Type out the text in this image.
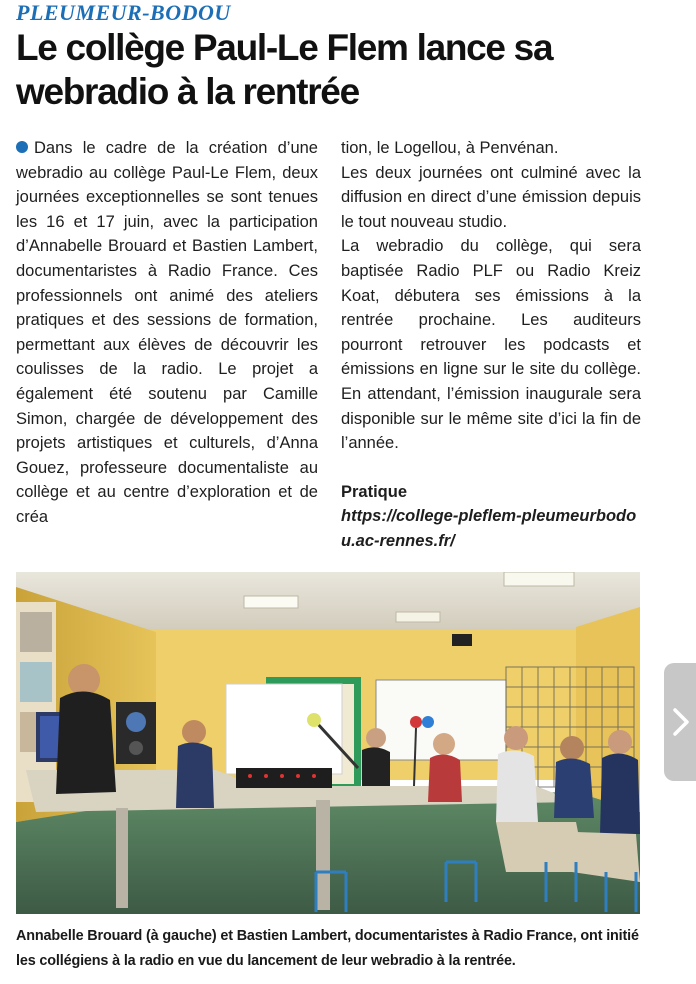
PLEUMEUR-BODOU
Le collège Paul-Le Flem lance sa webradio à la rentrée

Dans le cadre de la création d’une webradio au collège Paul-Le Flem, deux journées exceptionnelles se sont tenues les 16 et 17 juin, avec la participation d’Annabelle Brouard et Bastien Lambert, documentaristes à Radio France. Ces professionnels ont animé des ateliers pratiques et des sessions de formation, permettant aux élèves de découvrir les coulisses de la radio. Le projet a également été soutenu par Camille Simon, chargée de développement des projets artistiques et culturels, d’Anna Gouez, professeure documentaliste au collège et au centre d’exploration et de créa

tion, le Logellou, à Penvénan.

Les deux journées ont culminé avec la diffusion en direct d’une émission depuis le tout nouveau studio.

La webradio du collège, qui sera baptisée Radio PLF ou Radio Kreiz Koat, débutera ses émissions à la rentrée prochaine. Les auditeurs pourront retrouver les podcasts et émissions en ligne sur le site du collège. En attendant, l’émission inaugurale sera disponible sur le même site d’ici la fin de l’année.

Pratique

https://college-pleflem-pleumeurbodou.ac-rennes.fr/

Annabelle Brouard (à gauche) et Bastien Lambert, documentaristes à Radio France, ont initié les collégiens à la radio en vue du lancement de leur webradio à la rentrée.
